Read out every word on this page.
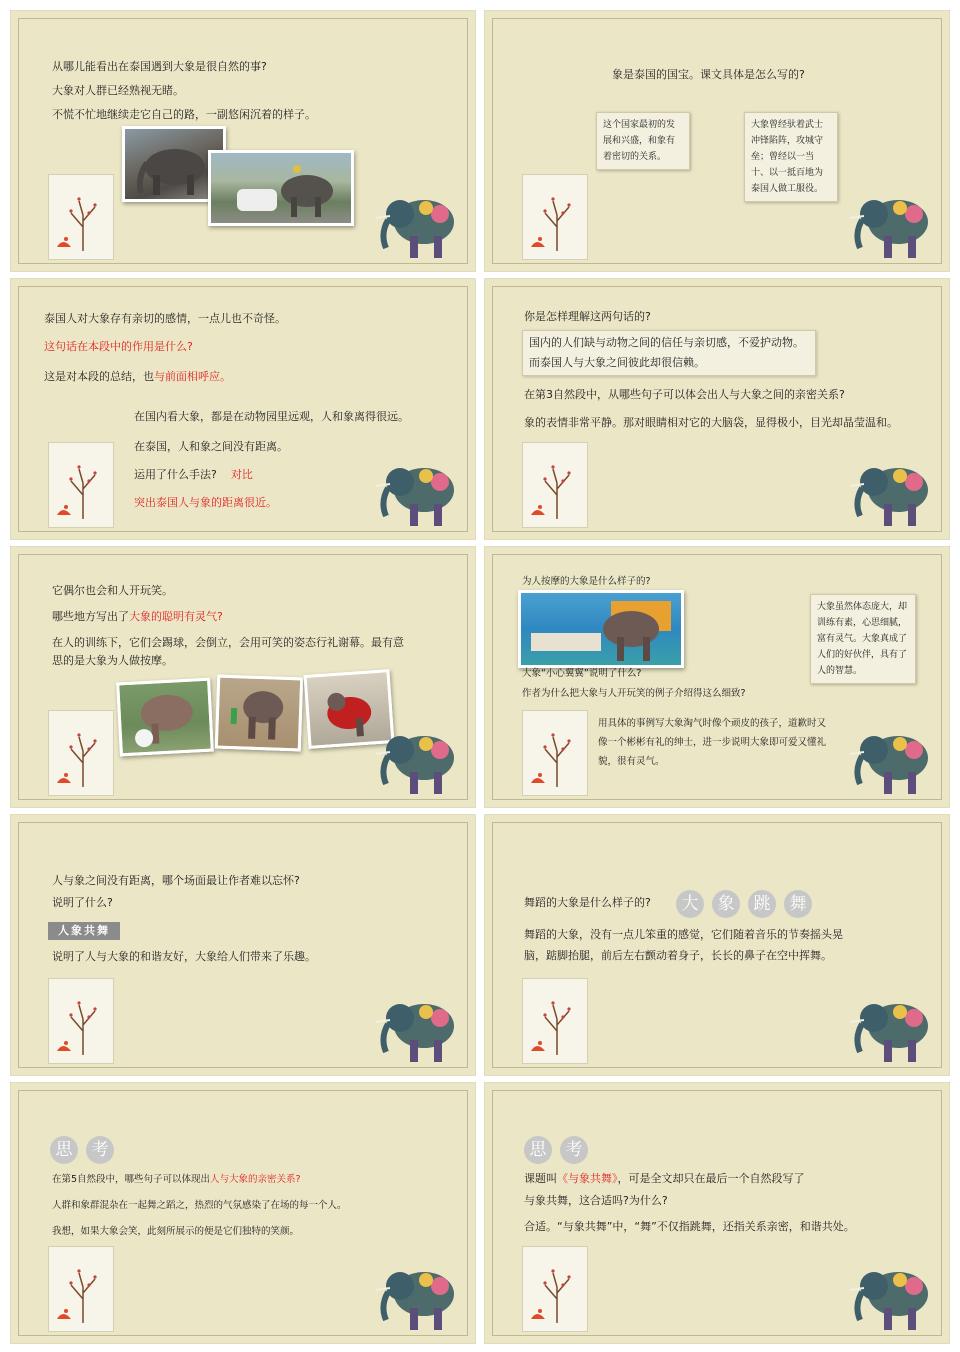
从哪儿能看出在泰国遇到大象是很自然的事?
大象对人群已经熟视无睹。
不慌不忙地继续走它自己的路，一副悠闲沉着的样子。
象是泰国的国宝。课文具体是怎么写的?
这个国家最初的发展和兴盛，和象有着密切的关系。
大象曾经驮着武士冲锋陷阵，攻城守垒；曾经以一当十、以一抵百地为泰国人做工服役。
泰国人对大象存有亲切的感情，一点儿也不奇怪。
这句话在本段中的作用是什么?
这是对本段的总结，也与前面相呼应。
在国内看大象，都是在动物园里远观，人和象离得很远。
在泰国，人和象之间没有距离。
运用了什么手法? 对比
突出泰国人与象的距离很近。
你是怎样理解这两句话的?
国内的人们缺与动物之间的信任与亲切感，不爱护动物。
而泰国人与大象之间彼此却很信赖。
在第3自然段中，从哪些句子可以体会出人与大象之间的亲密关系?
象的表情非常平静。那对眼睛相对它的大脑袋，显得极小，目光却晶莹温和。
它偶尔也会和人开玩笑。
哪些地方写出了大象的聪明有灵气?
在人的训练下，它们会踢球，会倒立，会用可笑的姿态行礼谢幕。最有意思的是大象为人做按摩。
为人按摩的大象是什么样子的?
大象虽然体态庞大，却训练有素，心思细腻，富有灵气。大象真成了人们的好伙伴，具有了人的智慧。
大象“小心翼翼”说明了什么?
作者为什么把大象与人开玩笑的例子介绍得这么细致?
用具体的事例写大象淘气时像个顽皮的孩子，道歉时又像一个彬彬有礼的绅士，进一步说明大象即可爱又懂礼貌，很有灵气。
人与象之间没有距离，哪个场面最让作者难以忘怀?
说明了什么?
人象共舞
说明了人与大象的和谐友好，大象给人们带来了乐趣。
舞蹈的大象是什么样子的?	大	象	跳	舞
舞蹈的大象，没有一点儿笨重的感觉，它们随着音乐的节奏摇头晃脑，踮脚抬腿，前后左右颤动着身子，长长的鼻子在空中挥舞。
思	考
在第5自然段中，哪些句子可以体现出人与大象的亲密关系?
人群和象群混杂在一起舞之蹈之，热烈的气氛感染了在场的每一个人。
我想，如果大象会笑，此刻所展示的便是它们独特的笑颜。
思	考
课题叫《与象共舞》，可是全文却只在最后一个自然段写了
与象共舞，这合适吗?为什么?
合适。“与象共舞”中，“舞”不仅指跳舞，还指关系亲密，和谐共处。
